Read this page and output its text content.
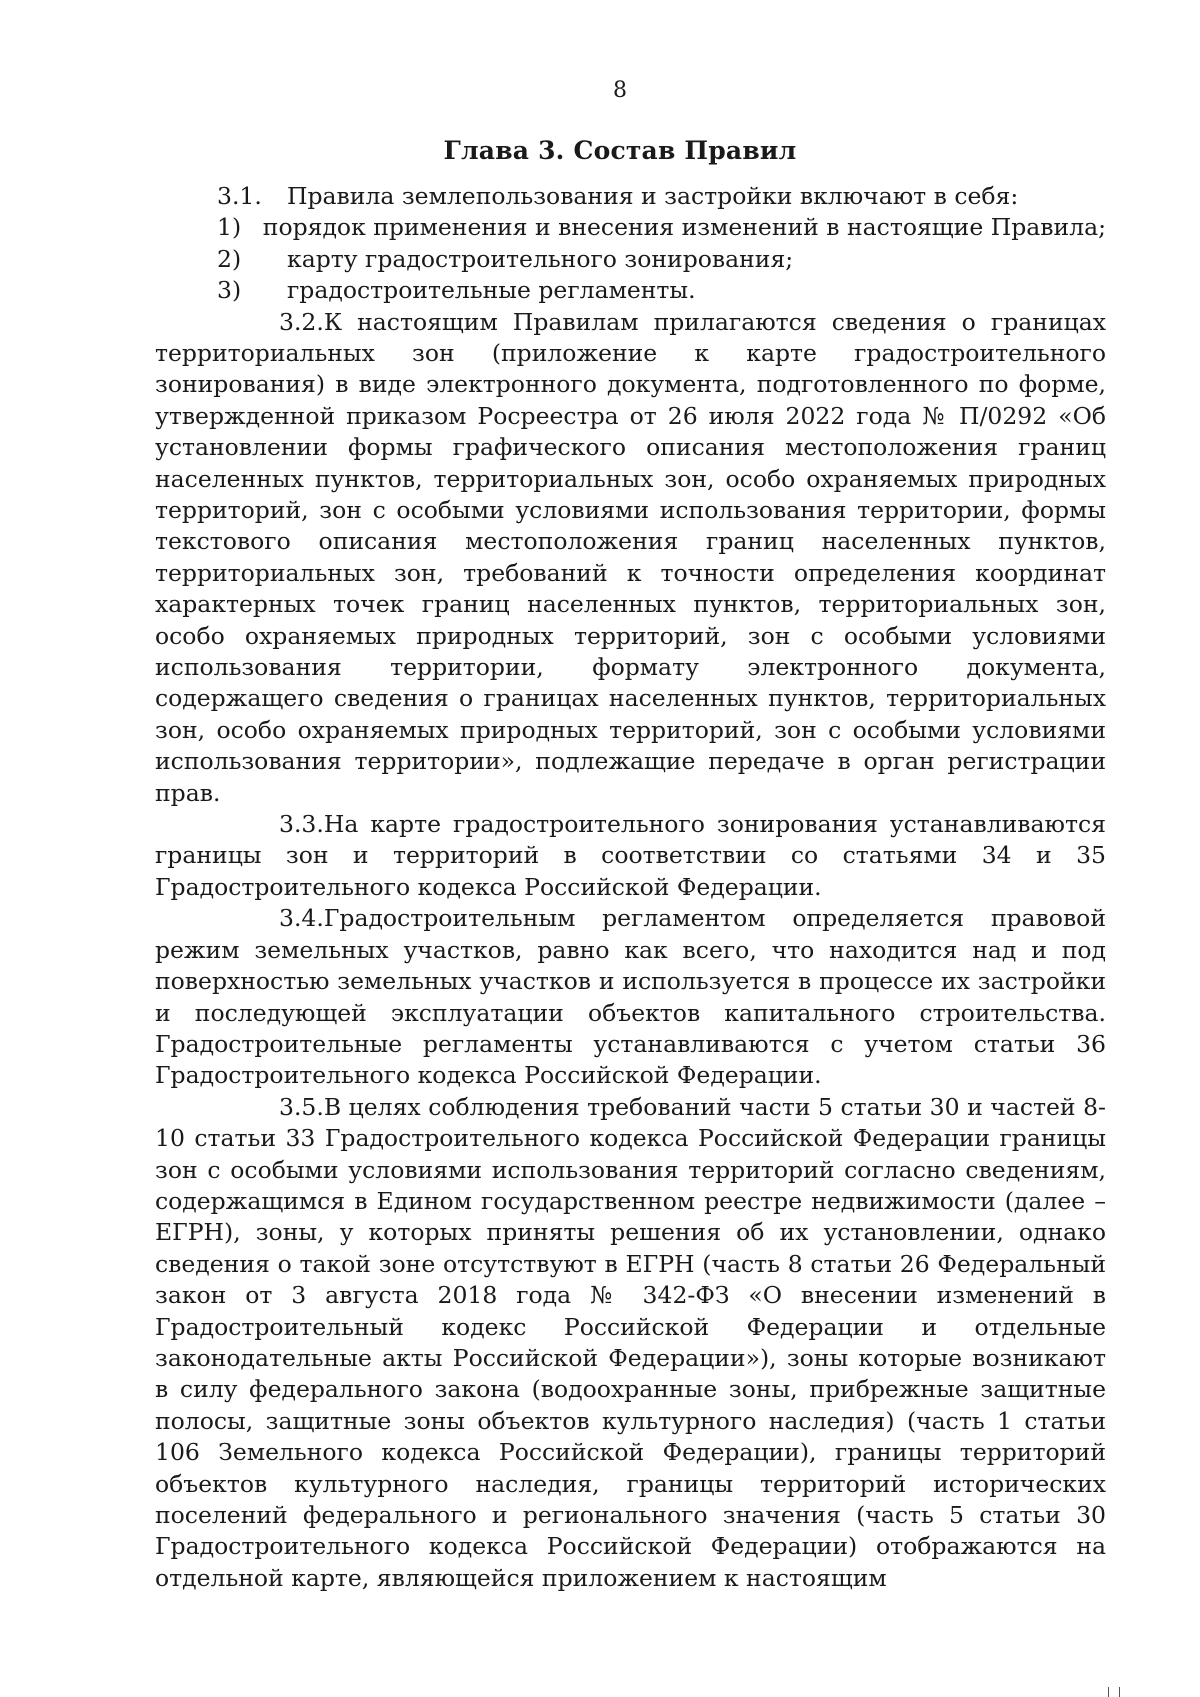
8
Глава 3. Состав Правил
3.1.	Правила землепользования и застройки включают в себя:
1) порядок применения и внесения изменений в настоящие Правила;
2)	карту градостроительного зонирования;
3)	градостроительные регламенты.

3.2.К настоящим Правилам прилагаются сведения о границах территориальных зон (приложение к карте градостроительного зонирования) в виде электронного документа, подготовленного по форме, утвержденной приказом Росреестра от 26 июля 2022 года № П/0292 «Об установлении формы графического описания местоположения границ населенных пунктов, территориальных зон, особо охраняемых природных территорий, зон с особыми условиями использования территории, формы текстового описания местоположения границ населенных пунктов, территориальных зон, требований к точности определения координат характерных точек границ населенных пунктов, территориальных зон, особо охраняемых природных территорий, зон с особыми условиями использования территории, формату электронного документа, содержащего сведения о границах населенных пунктов, территориальных зон, особо охраняемых природных территорий, зон с особыми условиями использования территории», подлежащие передаче в орган регистрации прав.

3.3.На карте градостроительного зонирования устанавливаются границы зон и территорий в соответствии со статьями 34 и 35 Градостроительного кодекса Российской Федерации.

3.4.Градостроительным регламентом определяется правовой режим земельных участков, равно как всего, что находится над и под поверхностью земельных участков и используется в процессе их застройки и последующей эксплуатации объектов капитального строительства. Градостроительные регламенты устанавливаются с учетом статьи 36 Градостроительного кодекса Российской Федерации.

3.5.В целях соблюдения требований части 5 статьи 30 и частей 8-10 статьи 33 Градостроительного кодекса Российской Федерации границы зон с особыми условиями использования территорий согласно сведениям, содержащимся в Едином государственном реестре недвижимости (далее – ЕГРН), зоны, у которых приняты решения об их установлении, однако сведения о такой зоне отсутствуют в ЕГРН (часть 8 статьи 26 Федеральный закон от 3 августа 2018 года № 342-ФЗ «О внесении изменений в Градостроительный кодекс Российской Федерации и отдельные законодательные акты Российской Федерации»), зоны которые возникают в силу федерального закона (водоохранные зоны, прибрежные защитные полосы, защитные зоны объектов культурного наследия) (часть 1 статьи 106 Земельного кодекса Российской Федерации), границы территорий объектов культурного наследия, границы территорий исторических поселений федерального и регионального значения (часть 5 статьи 30 Градостроительного кодекса Российской Федерации) отображаются на отдельной карте, являющейся приложением к настоящим
